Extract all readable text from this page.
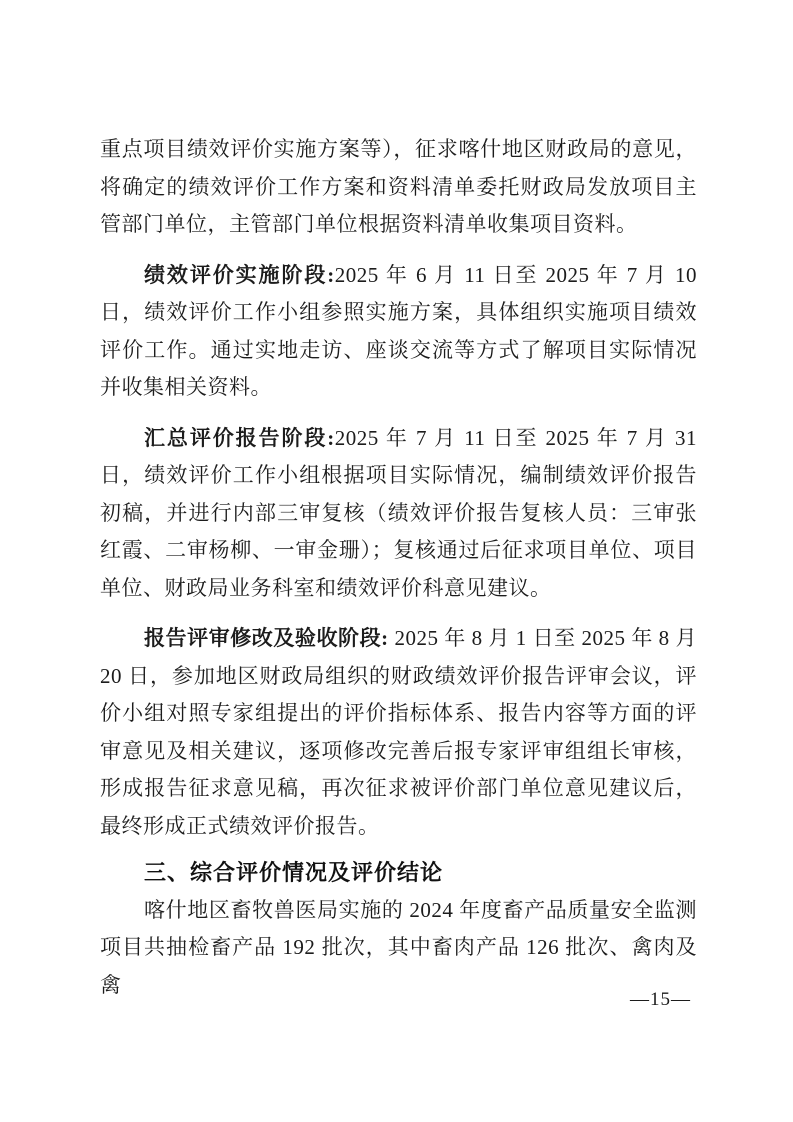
重点项目绩效评价实施方案等），征求喀什地区财政局的意见，将确定的绩效评价工作方案和资料清单委托财政局发放项目主管部门单位，主管部门单位根据资料清单收集项目资料。

绩效评价实施阶段:2025 年 6 月 11 日至 2025 年 7 月 10 日，绩效评价工作小组参照实施方案，具体组织实施项目绩效评价工作。通过实地走访、座谈交流等方式了解项目实际情况并收集相关资料。

汇总评价报告阶段:2025 年 7 月 11 日至 2025 年 7 月 31 日，绩效评价工作小组根据项目实际情况，编制绩效评价报告初稿，并进行内部三审复核（绩效评价报告复核人员：三审张红霞、二审杨柳、一审金珊）；复核通过后征求项目单位、项目单位、财政局业务科室和绩效评价科意见建议。

报告评审修改及验收阶段: 2025 年 8 月 1 日至 2025 年 8 月 20 日，参加地区财政局组织的财政绩效评价报告评审会议，评价小组对照专家组提出的评价指标体系、报告内容等方面的评审意见及相关建议，逐项修改完善后报专家评审组组长审核，形成报告征求意见稿，再次征求被评价部门单位意见建议后，最终形成正式绩效评价报告。

三、综合评价情况及评价结论

喀什地区畜牧兽医局实施的 2024 年度畜产品质量安全监测项目共抽检畜产品 192 批次，其中畜肉产品 126 批次、禽肉及禽

—15—
